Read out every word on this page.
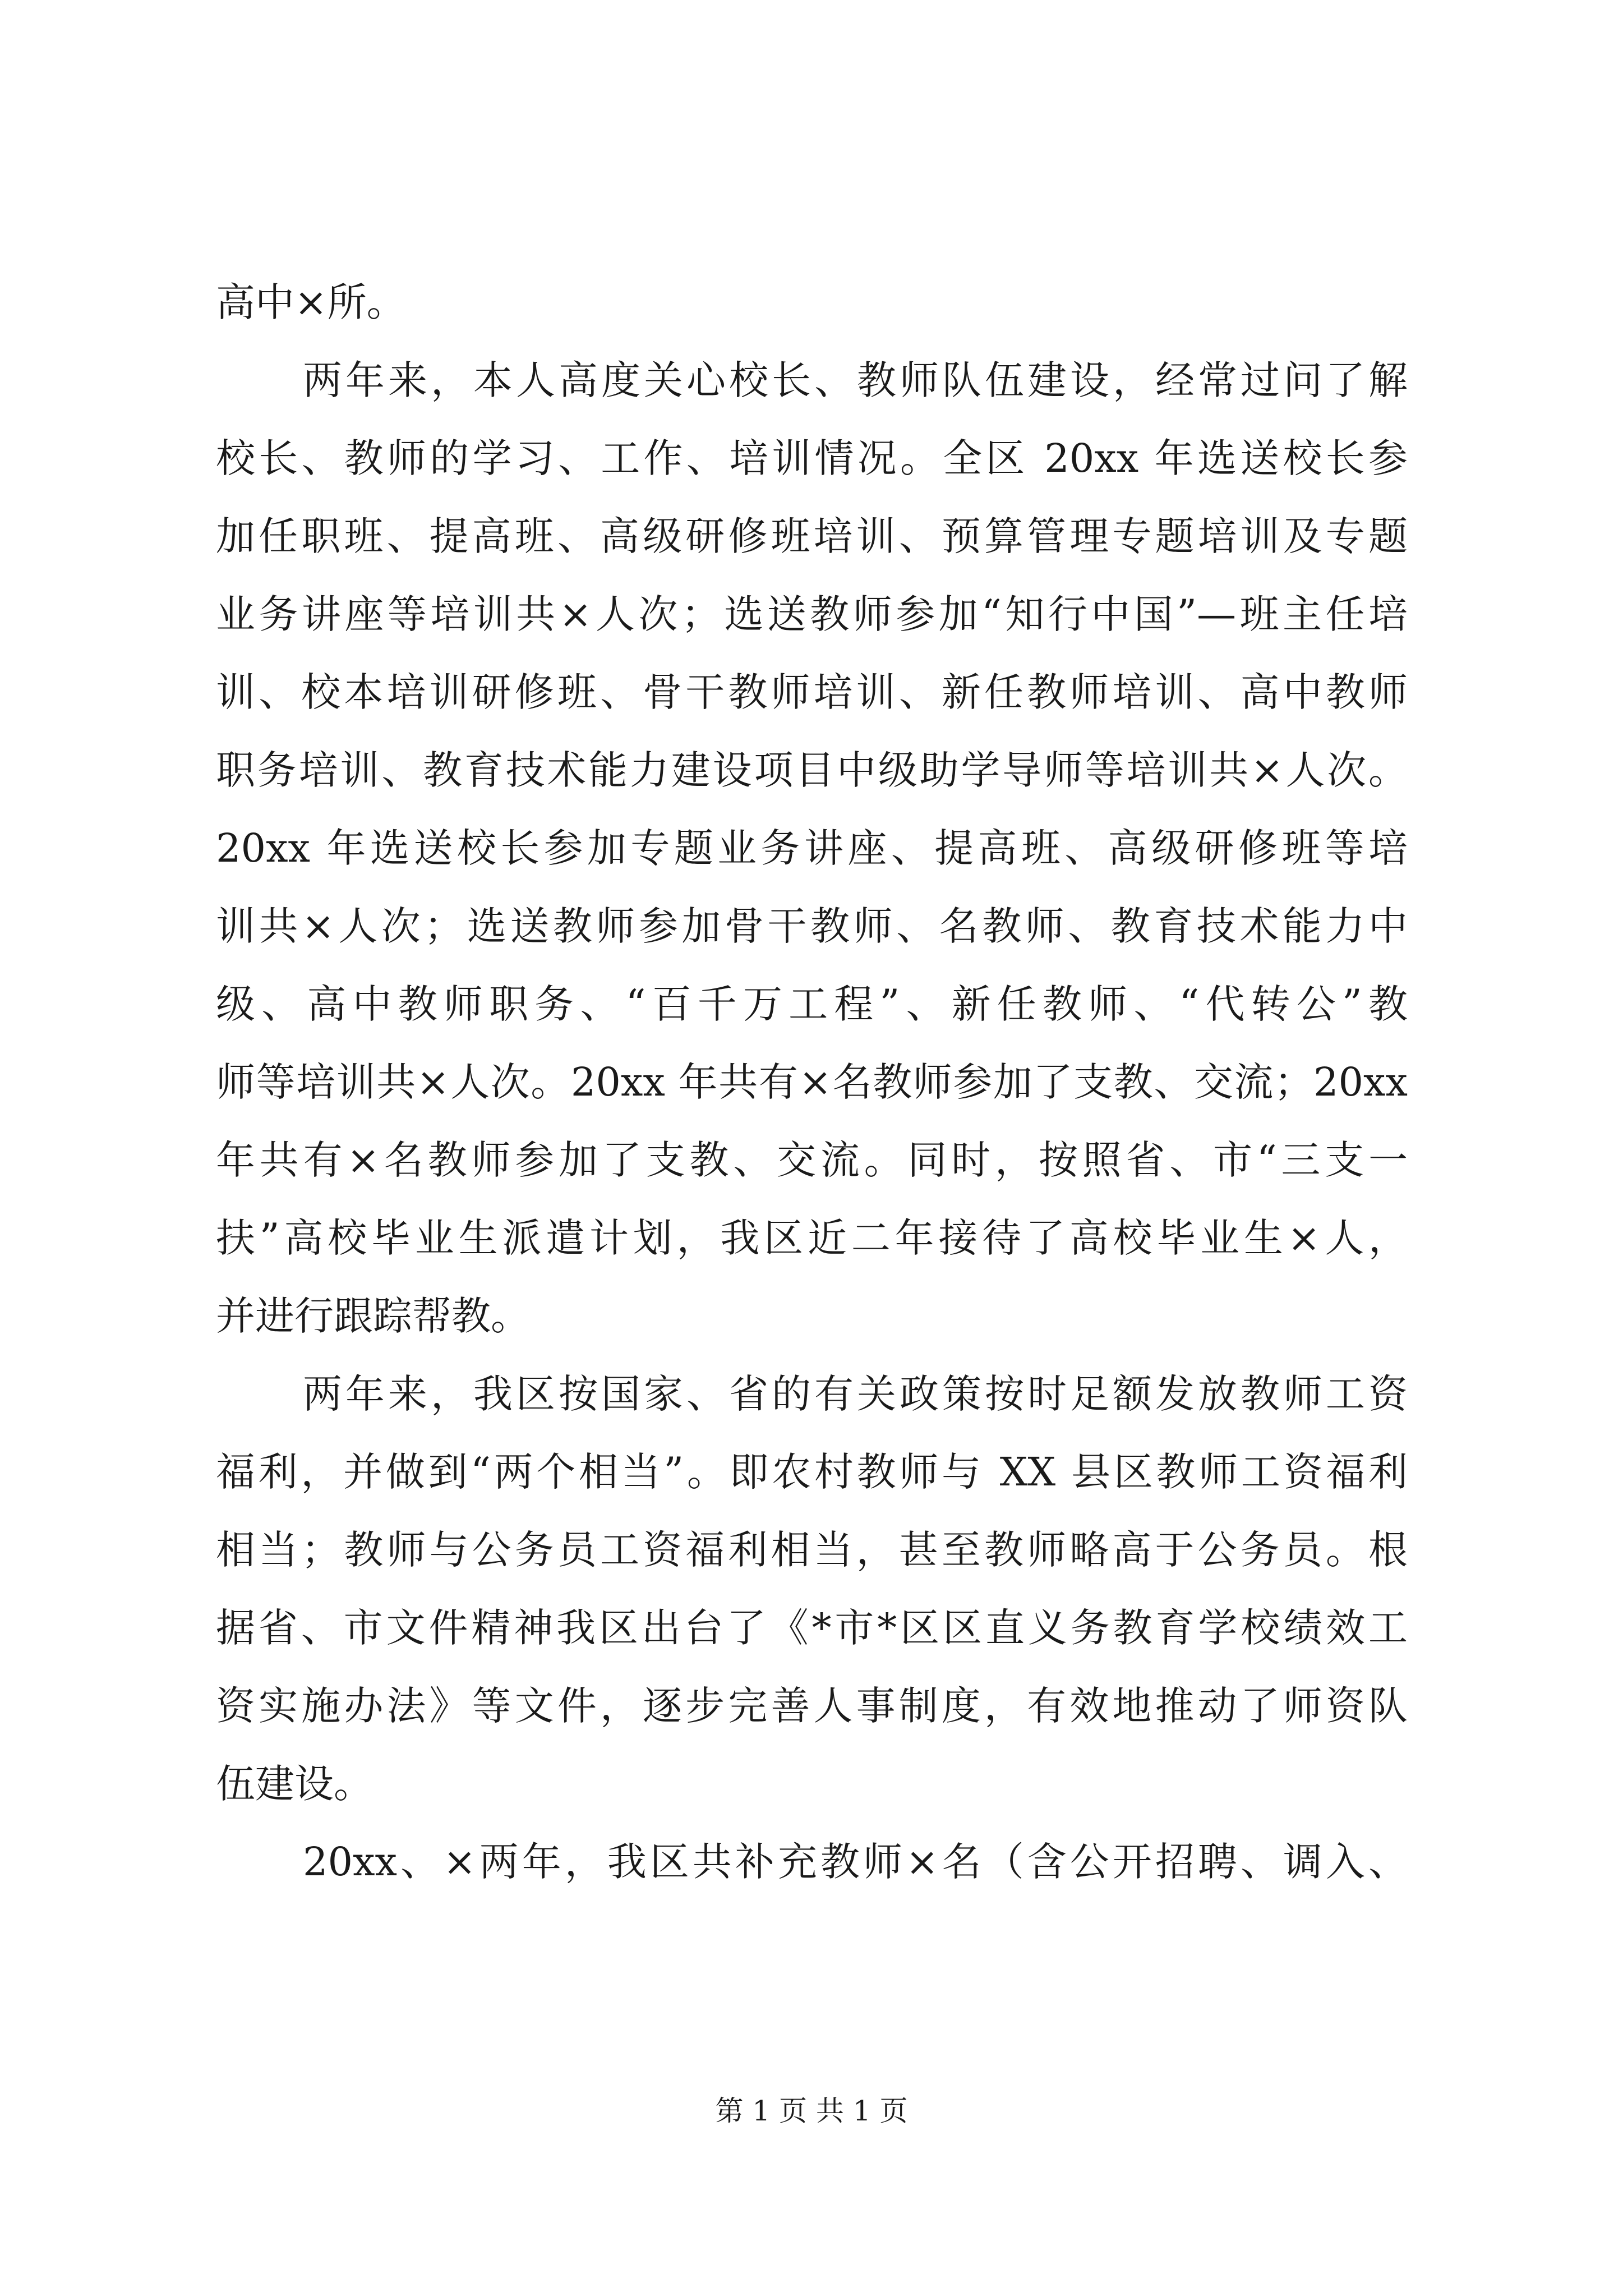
高中×所。
两年来，本人高度关心校长、教师队伍建设，经常过问了解
校长、教师的学习、工作、培训情况。全区 20xx 年选送校长参
加任职班、提高班、高级研修班培训、预算管理专题培训及专题
业务讲座等培训共×人次；选送教师参加“知行中国”—班主任培
训、校本培训研修班、骨干教师培训、新任教师培训、高中教师
职务培训、教育技术能力建设项目中级助学导师等培训共×人次。
20xx 年选送校长参加专题业务讲座、提高班、高级研修班等培
训共×人次；选送教师参加骨干教师、名教师、教育技术能力中
级、高中教师职务、“百千万工程”、新任教师、“代转公”教
师等培训共×人次。20xx 年共有×名教师参加了支教、交流；20xx
年共有×名教师参加了支教、交流。同时，按照省、市“三支一
扶”高校毕业生派遣计划，我区近二年接待了高校毕业生×人，
并进行跟踪帮教。
两年来，我区按国家、省的有关政策按时足额发放教师工资
福利，并做到“两个相当”。即农村教师与 XX 县区教师工资福利
相当；教师与公务员工资福利相当，甚至教师略高于公务员。根
据省、市文件精神我区出台了《*市*区区直义务教育学校绩效工
资实施办法》等文件，逐步完善人事制度，有效地推动了师资队
伍建设。
20xx、×两年，我区共补充教师×名（含公开招聘、调入、
第 1 页 共 1 页
